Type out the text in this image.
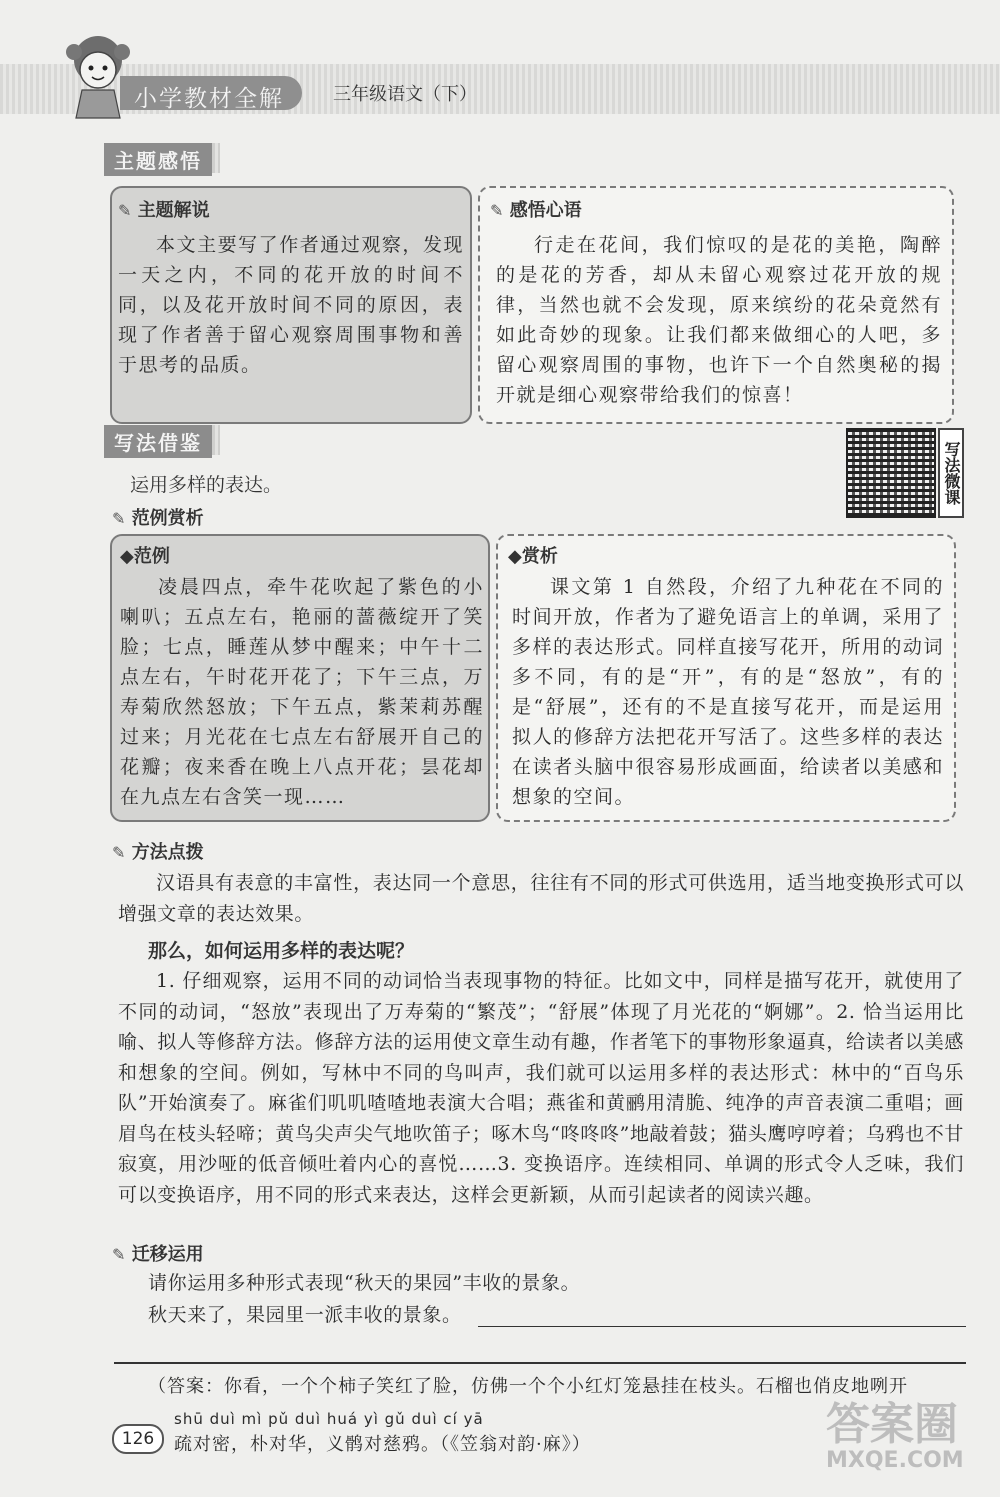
小学教材全解	三年级语文（下）
主题感悟
✎ 主题解说
本文主要写了作者通过观察，发现一天之内，不同的花开放的时间不同，以及花开放时间不同的原因，表现了作者善于留心观察周围事物和善于思考的品质。
✎ 感悟心语
行走在花间，我们惊叹的是花的美艳，陶醉的是花的芳香，却从未留心观察过花开放的规律，当然也就不会发现，原来缤纷的花朵竟然有如此奇妙的现象。让我们都来做细心的人吧，多留心观察周围的事物，也许下一个自然奥秘的揭开就是细心观察带给我们的惊喜！
写法借鉴	写法微课
运用多样的表达。
✎ 范例赏析
◆范例
凌晨四点，牵牛花吹起了紫色的小喇叭；五点左右，艳丽的蔷薇绽开了笑脸；七点，睡莲从梦中醒来；中午十二点左右，午时花开花了；下午三点，万寿菊欣然怒放；下午五点，紫茉莉苏醒过来；月光花在七点左右舒展开自己的花瓣；夜来香在晚上八点开花；昙花却在九点左右含笑一现……
◆赏析
课文第 1 自然段，介绍了九种花在不同的时间开放，作者为了避免语言上的单调，采用了多样的表达形式。同样直接写花开，所用的动词多不同，有的是“开”，有的是“怒放”，有的是“舒展”，还有的不是直接写花开，而是运用拟人的修辞方法把花开写活了。这些多样的表达在读者头脑中很容易形成画面，给读者以美感和想象的空间。
✎ 方法点拨
汉语具有表意的丰富性，表达同一个意思，往往有不同的形式可供选用，适当地变换形式可以增强文章的表达效果。
那么，如何运用多样的表达呢？
1. 仔细观察，运用不同的动词恰当表现事物的特征。比如文中，同样是描写花开，就使用了不同的动词，“怒放”表现出了万寿菊的“繁茂”；“舒展”体现了月光花的“婀娜”。2. 恰当运用比喻、拟人等修辞方法。修辞方法的运用使文章生动有趣，作者笔下的事物形象逼真，给读者以美感和想象的空间。例如，写林中不同的鸟叫声，我们就可以运用多样的表达形式：林中的“百鸟乐队”开始演奏了。麻雀们叽叽喳喳地表演大合唱；燕雀和黄鹂用清脆、纯净的声音表演二重唱；画眉鸟在枝头轻啼；黄鸟尖声尖气地吹笛子；啄木鸟“咚咚咚”地敲着鼓；猫头鹰哼哼着；乌鸦也不甘寂寞，用沙哑的低音倾吐着内心的喜悦……3. 变换语序。连续相同、单调的形式令人乏味，我们可以变换语序，用不同的形式来表达，这样会更新颖，从而引起读者的阅读兴趣。
✎ 迁移运用
请你运用多种形式表现“秋天的果园”丰收的景象。
秋天来了，果园里一派丰收的景象。
（答案：你看，一个个柿子笑红了脸，仿佛一个个小红灯笼悬挂在枝头。石榴也俏皮地咧开
126
shū duì mì pǔ duì huá yì gǔ duì cí yā
疏对密，朴对华，义鹘对慈鸦。（《笠翁对韵·麻》）	答案圈
MXQE.COM
